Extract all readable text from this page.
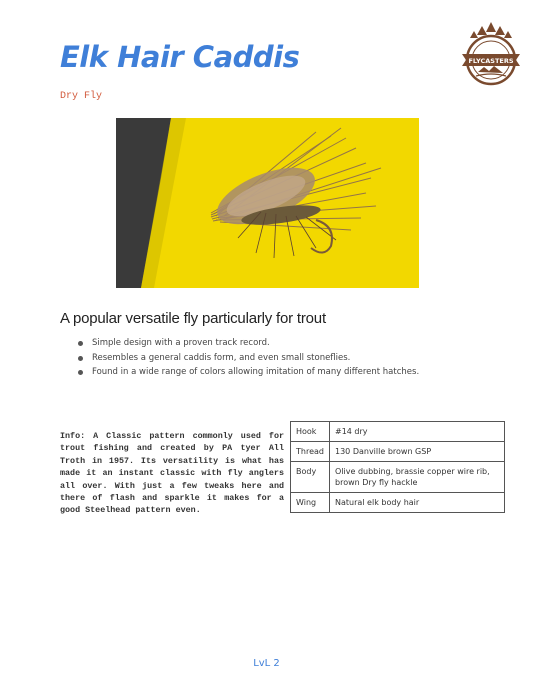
Elk Hair Caddis
Dry Fly
FLYCASTERS
A popular versatile fly particularly for trout
Simple design with a proven track record.
Resembles a general caddis form, and even small stoneflies.
Found in a wide range of colors allowing imitation of many different hatches.

Info: A Classic pattern commonly used for trout fishing and created by PA tyer All Troth in 1957. Its versatility is what has made it an instant classic with fly anglers all over. With just a few tweaks here and there of flash and sparkle it makes for a good Steelhead pattern even.

Hook	#14 dry
Thread	130 Danville brown GSP
Body	Olive dubbing, brassie copper wire rib, brown Dry fly hackle
Wing	Natural elk body hair
LvL 2
